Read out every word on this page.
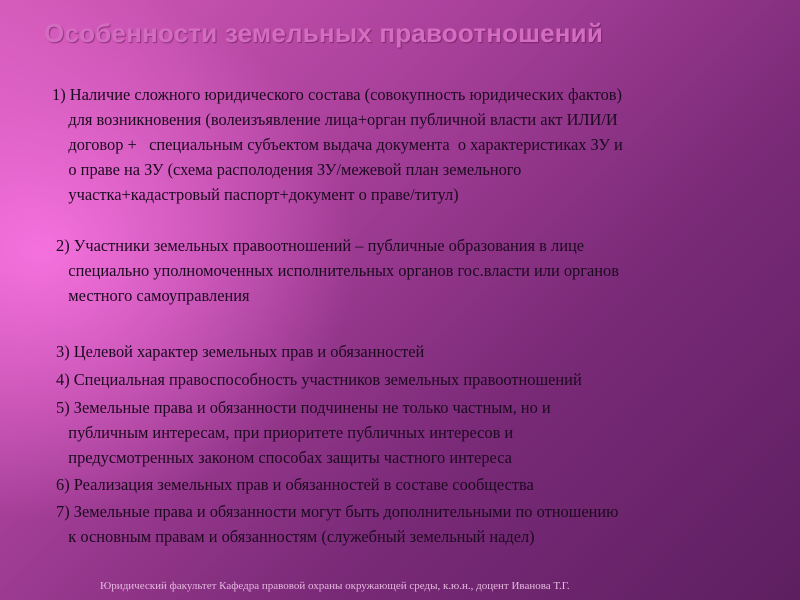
Особенности земельных правоотношений
1) Наличие сложного юридического состава (совокупность юридических фактов)
для возникновения (волеизъявление лица+орган публичной власти акт ИЛИ/И
договор +   специальным субъектом выдача документа  о характеристиках ЗУ и
о праве на ЗУ (схема располодения ЗУ/межевой план земельного
участка+кадастровый паспорт+документ о праве/титул)
2) Участники земельных правоотношений – публичные образования в лице
специально уполномоченных исполнительных органов гос.власти или органов
местного самоуправления
3) Целевой характер земельных прав и обязанностей
4) Специальная правоспособность участников земельных правоотношений
5) Земельные права и обязанности подчинены не только частным, но и
публичным интересам, при приоритете публичных интересов и
предусмотренных законом способах защиты частного интереса
6) Реализация земельных прав и обязанностей в составе сообщества
7) Земельные права и обязанности могут быть дополнительными по отношению
к основным правам и обязанностям (служебный земельный надел)
Юридический факультет Кафедра правовой охраны окружающей среды, к.ю.н., доцент Иванова Т.Г.
